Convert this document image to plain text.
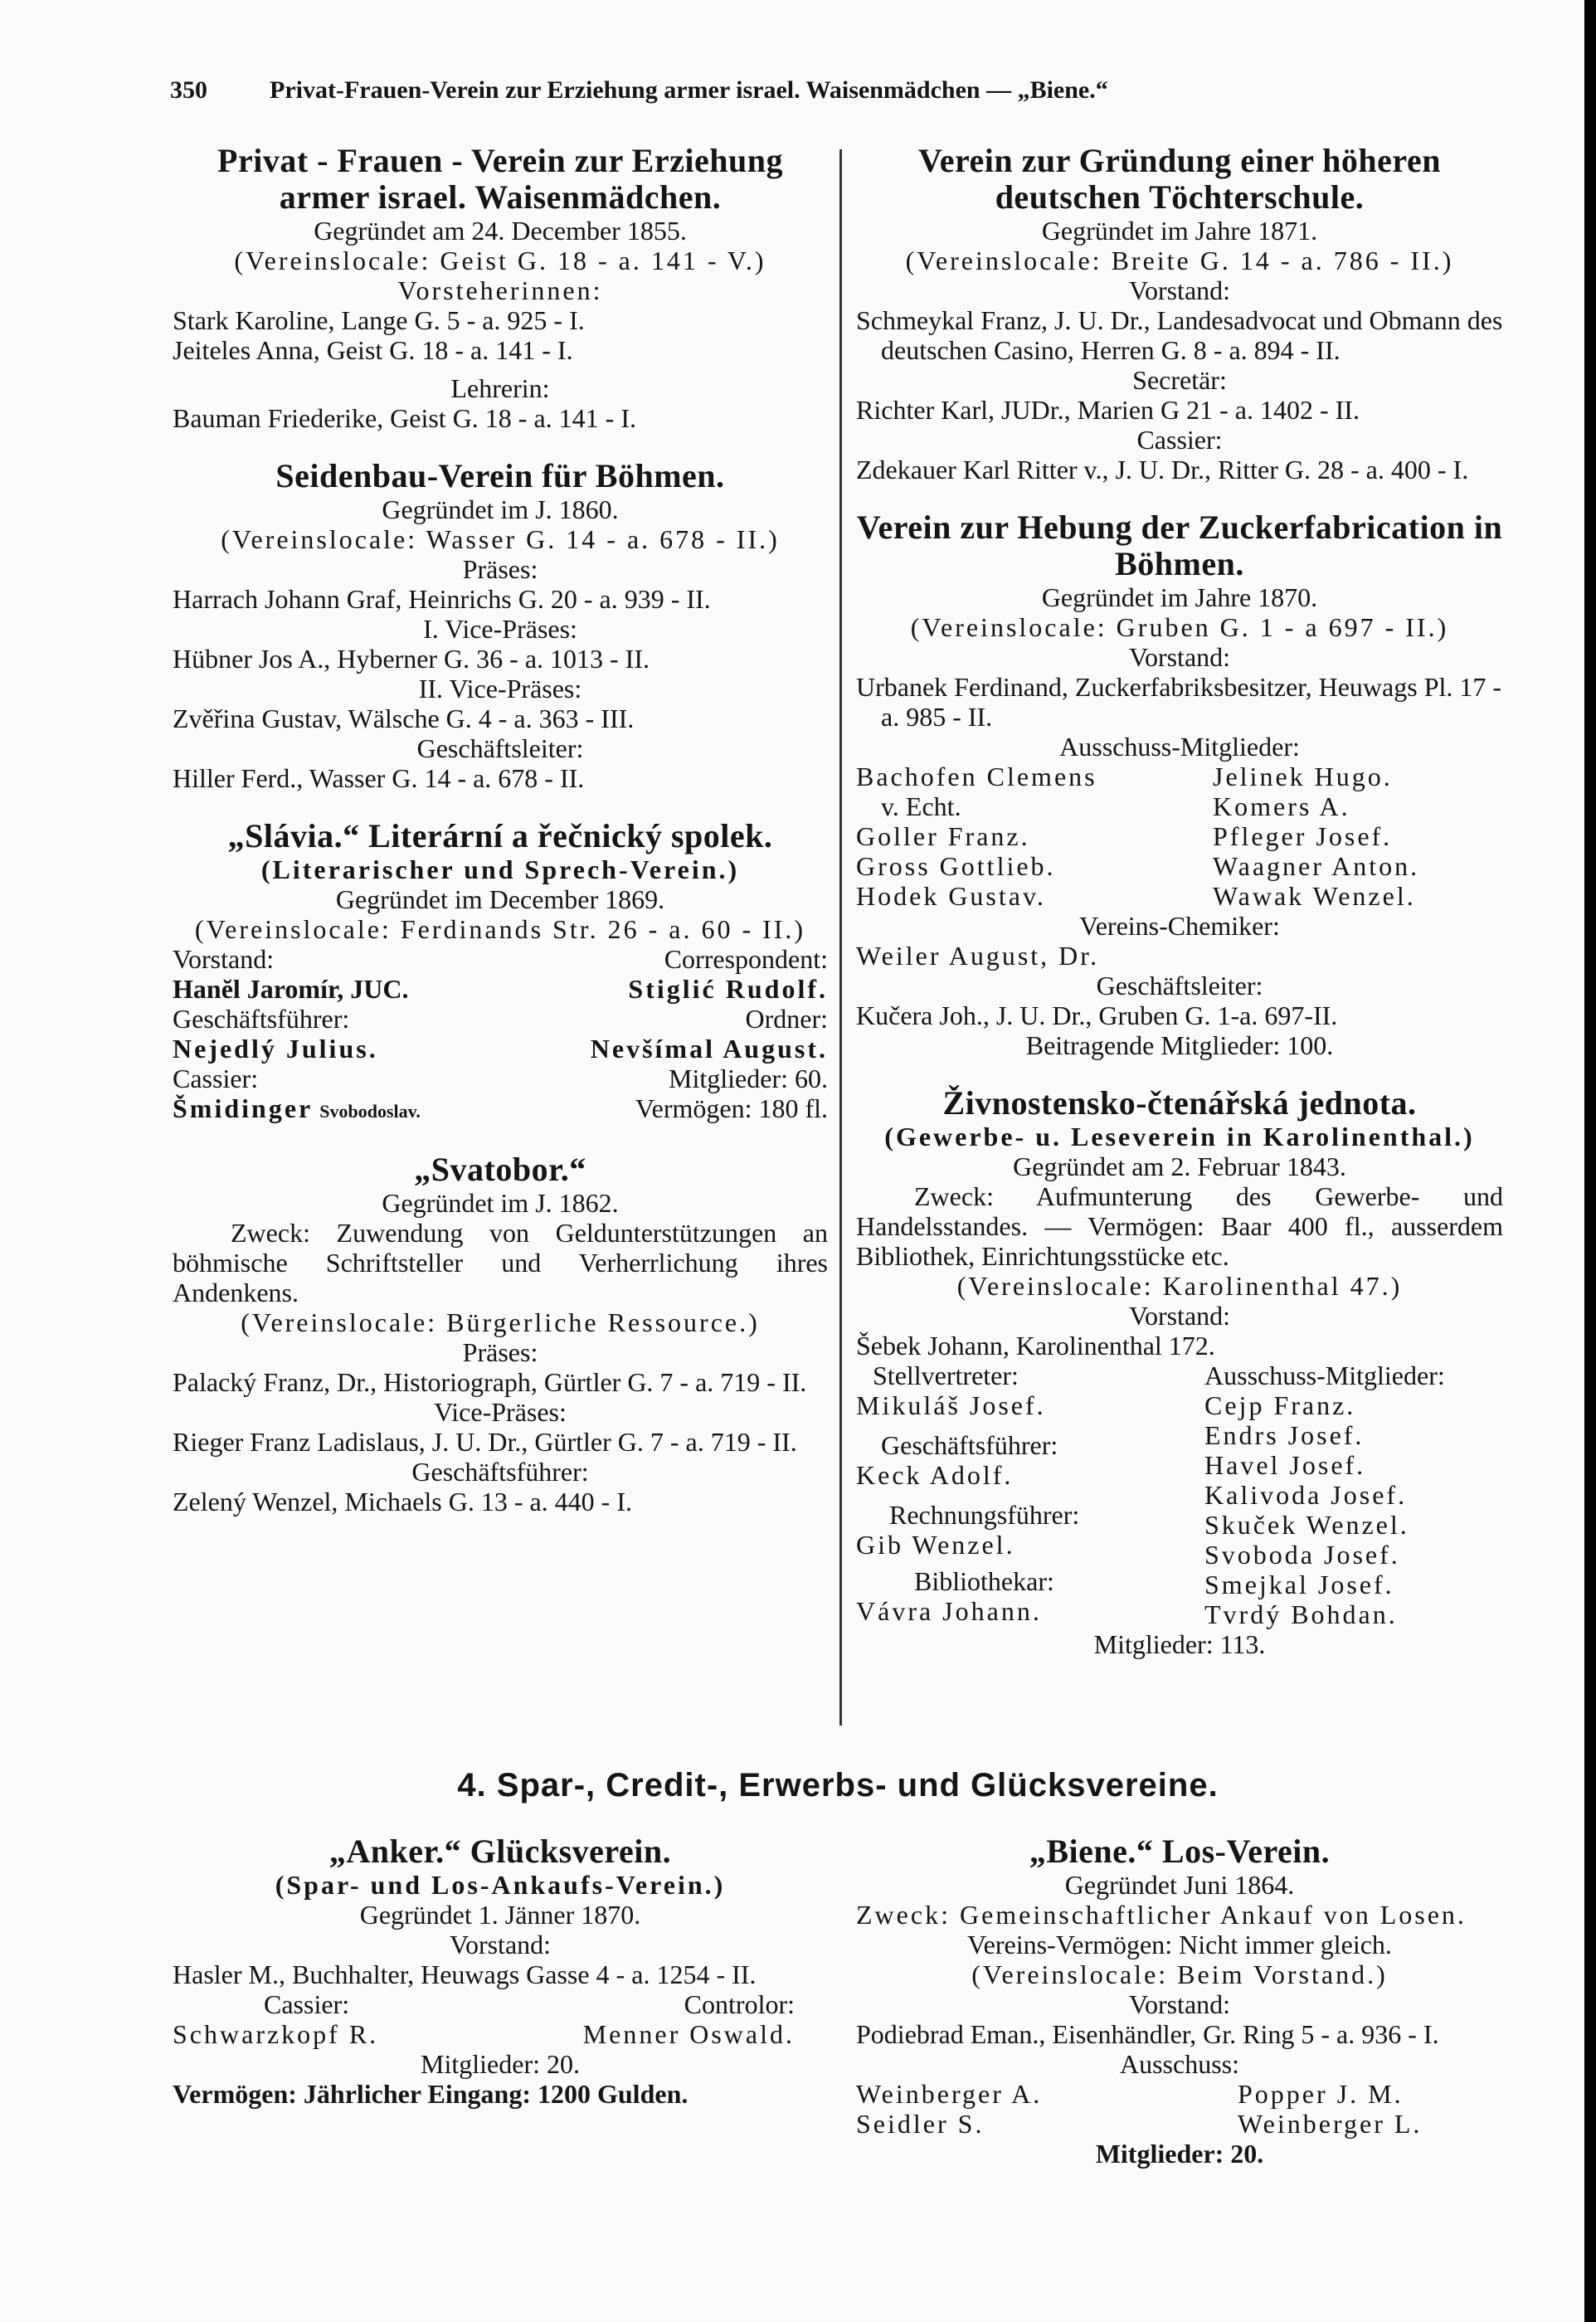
350	Privat-Frauen-Verein zur Erziehung armer israel. Waisenmädchen — „Biene.“
Privat - Frauen - Verein zur Erziehung armer israel. Waisenmädchen.
Gegründet am 24. December 1855.
(Vereinslocale: Geist G. 18 - a. 141 - V.)
Vorsteherinnen:
Stark Karoline, Lange G. 5 - a. 925 - I.
Jeiteles Anna, Geist G. 18 - a. 141 - I.
Lehrerin:
Bauman Friederike, Geist G. 18 - a. 141 - I.
Seidenbau-Verein für Böhmen.
Gegründet im J. 1860.
(Vereinslocale: Wasser G. 14 - a. 678 - II.)
Präses:
Harrach Johann Graf, Heinrichs G. 20 - a. 939 - II.
I. Vice-Präses:
Hübner Jos A., Hyberner G. 36 - a. 1013 - II.
II. Vice-Präses:
Zvěřina Gustav, Wälsche G. 4 - a. 363 - III.
Geschäftsleiter:
Hiller Ferd., Wasser G. 14 - a. 678 - II.
„Slávia.“ Literární a řečnický spolek.
(Literarischer und Sprech-Verein.)
Gegründet im December 1869.
(Vereinslocale: Ferdinands Str. 26 - a. 60 - II.)
Vorstand:	Correspondent:
Hanĕl Jaromír, JUC.	Stiglić Rudolf.
Geschäftsführer:	Ordner:
Nejedlý Julius.	Nevšímal August.
Cassier:	Mitglieder: 60.
Šmidinger Svobodoslav.	Vermögen: 180 fl.
„Svatobor.“
Gegründet im J. 1862.
Zweck: Zuwendung von Geldunterstützungen an böhmische Schriftsteller und Verherrlichung ihres Andenkens.
(Vereinslocale: Bürgerliche Ressource.)
Präses:
Palacký Franz, Dr., Historiograph, Gürtler G. 7 - a. 719 - II.
Vice-Präses:
Rieger Franz Ladislaus, J. U. Dr., Gürtler G. 7 - a. 719 - II.
Geschäftsführer:
Zelený Wenzel, Michaels G. 13 - a. 440 - I.
Verein zur Gründung einer höheren deutschen Töchterschule.
Gegründet im Jahre 1871.
(Vereinslocale: Breite G. 14 - a. 786 - II.)
Vorstand:
Schmeykal Franz, J. U. Dr., Landesadvocat und Obmann des deutschen Casino, Herren G. 8 - a. 894 - II.
Secretär:
Richter Karl, JUDr., Marien G 21 - a. 1402 - II.
Cassier:
Zdekauer Karl Ritter v., J. U. Dr., Ritter G. 28 - a. 400 - I.
Verein zur Hebung der Zuckerfabrication in Böhmen.
Gegründet im Jahre 1870.
(Vereinslocale: Gruben G. 1 - a 697 - II.)
Vorstand:
Urbanek Ferdinand, Zuckerfabriksbesitzer, Heuwags Pl. 17 - a. 985 - II.
Ausschuss-Mitglieder:
Bachofen Clemens	Jelinek Hugo.
v. Echt.	Komers A.
Goller Franz.	Pfleger Josef.
Gross Gottlieb.	Waagner Anton.
Hodek Gustav.	Wawak Wenzel.
Vereins-Chemiker:
Weiler August, Dr.
Geschäftsleiter:
Kučera Joh., J. U. Dr., Gruben G. 1-a. 697-II.
Beitragende Mitglieder: 100.
Živnostensko-čtenářská jednota.
(Gewerbe- u. Leseverein in Karolinenthal.)
Gegründet am 2. Februar 1843.
Zweck: Aufmunterung des Gewerbe- und Handelsstandes. — Vermögen: Baar 400 fl., ausserdem Bibliothek, Einrichtungsstücke etc.
(Vereinslocale: Karolinenthal 47.)
Vorstand:
Šebek Johann, Karolinenthal 172.
Stellvertreter:
Mikuláš Josef.
Geschäftsführer:
Keck Adolf.
Rechnungsführer:
Gib Wenzel.
Bibliothekar:
Vávra Johann.
Ausschuss-Mitglieder:
Cejp Franz.
Endrs Josef.
Havel Josef.
Kalivoda Josef.
Skuček Wenzel.
Svoboda Josef.
Smejkal Josef.
Tvrdý Bohdan.
Mitglieder: 113.
4. Spar-, Credit-, Erwerbs- und Glücksvereine.
„Anker.“ Glücksverein.
(Spar- und Los-Ankaufs-Verein.)
Gegründet 1. Jänner 1870.
Vorstand:
Hasler M., Buchhalter, Heuwags Gasse 4 - a. 1254 - II.
Cassier:	Controlor:
Schwarzkopf R.	Menner Oswald.
Mitglieder: 20.
Vermögen: Jährlicher Eingang: 1200 Gulden.
„Biene.“ Los-Verein.
Gegründet Juni 1864.
Zweck: Gemeinschaftlicher Ankauf von Losen.
Vereins-Vermögen: Nicht immer gleich.
(Vereinslocale: Beim Vorstand.)
Vorstand:
Podiebrad Eman., Eisenhändler, Gr. Ring 5 - a. 936 - I.
Ausschuss:
Weinberger A.	Popper J. M.
Seidler S.	Weinberger L.
Mitglieder: 20.
